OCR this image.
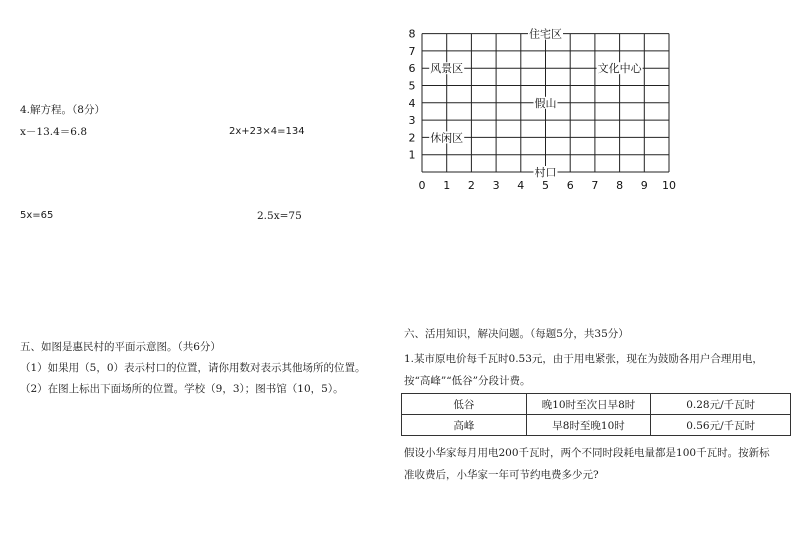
4.解方程。（8分）
x－13.4＝6.8	2x+23×4=134
5x=65	2.5x=75
五、如图是惠民村的平面示意图。（共6分）
（1）如果用（5，0）表示村口的位置，请你用数对表示其他场所的位置。
（2）在图上标出下面场所的位置。学校（9，3）；图书馆（10，5）。
0 1 2 3 4 5 6 7 8 9 10
1
2
3
4
5
6
7
8	住宅区
风景区	文化中心
假山
休闲区
村口
六、活用知识，解决问题。（每题5分，共35分）
1.某市原电价每千瓦时0.53元，由于用电紧张，现在为鼓励各用户合理用电，
按“高峰”“低谷”分段计费。
低谷	晚10时至次日早8时	0.28元/千瓦时
高峰	早8时至晚10时	0.56元/千瓦时
假设小华家每月用电200千瓦时，两个不同时段耗电量都是100千瓦时。按新标
准收费后，小华家一年可节约电费多少元?
